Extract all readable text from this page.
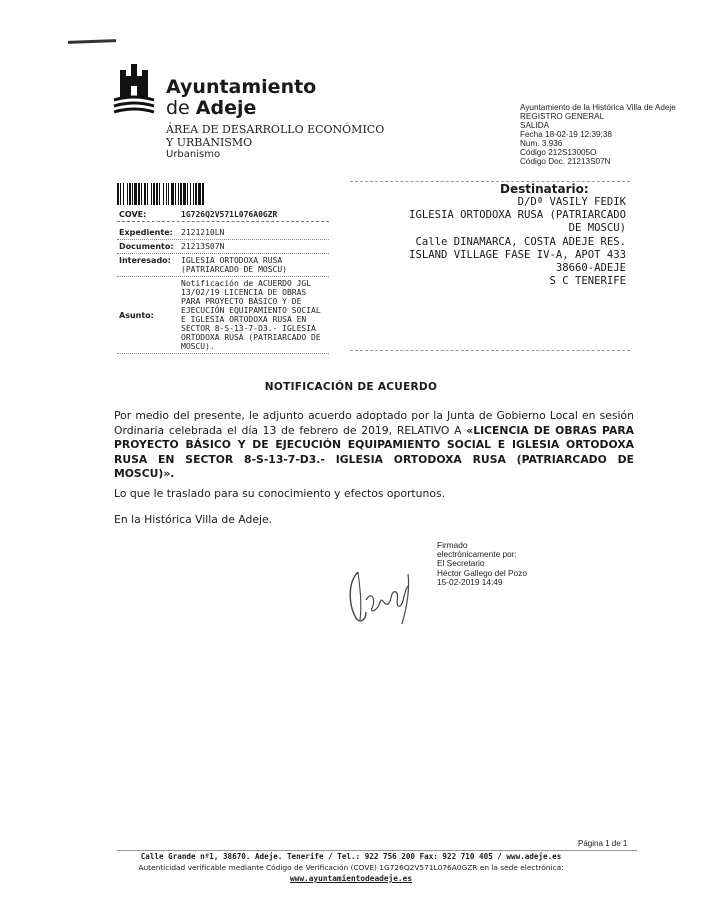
Ayuntamiento
de Adeje
ÁREA DE DESARROLLO ECONÓMICO
Y URBANISMO
Urbanismo
Ayuntamiento de la Histórica Villa de Adeje
REGISTRO GENERAL
SALIDA
Fecha 18-02-19 12:39:38
Num. 3.936
Código 212S13005O
Código Doc. 21213S07N
COVE:	1G726Q2V571L076A0GZR
Expediente:	2121210LN
Documento: 21213S07N
Interesado:	IGLESIA ORTODOXA RUSA (PATRIARCADO DE MOSCU)
Asunto:
Notificación de ACUERDO JGL 13/02/19 LICENCIA DE OBRAS PARA PROYECTO BÁSICO Y DE EJECUCIÓN EQUIPAMIENTO SOCIAL E IGLESIA ORTODOXA RUSA EN SECTOR 8-S-13-7-D3.- IGLESIA ORTODOXA RUSA (PATRIARCADO DE MOSCU).
Destinatario:
D/Dª VASILY FEDIK
IGLESIA ORTODOXA RUSA (PATRIARCADO
DE MOSCU)
Calle DINAMARCA, COSTA ADEJE RES.
ISLAND VILLAGE FASE IV-A, APOT 433
38660-ADEJE
S C TENERIFE
NOTIFICACIÓN DE ACUERDO
Por medio del presente, le adjunto acuerdo adoptado por la Junta de Gobierno Local en sesión Ordinaria celebrada el día 13 de febrero de 2019, RELATIVO A «LICENCIA DE OBRAS PARA PROYECTO BÁSICO Y DE EJECUCIÓN EQUIPAMIENTO SOCIAL E IGLESIA ORTODOXA RUSA EN SECTOR 8-S-13-7-D3.- IGLESIA ORTODOXA RUSA (PATRIARCADO DE MOSCU)».
Lo que le traslado para su conocimiento y efectos oportunos.
En la Histórica Villa de Adeje.
Firmado
electrónicamente por:
El Secretario
Héctor Gallego del Pozo
15-02-2019 14:49
Página 1 de 1
Calle Grande nº1, 38670. Adeje. Tenerife / Tel.: 922 756 200 Fax: 922 710 405 / www.adeje.es
Autenticidad verificable mediante Código de Verificación (COVE) 1G726Q2V571L076A0GZR en la sede electrónica:
www.ayuntamientodeadeje.es
